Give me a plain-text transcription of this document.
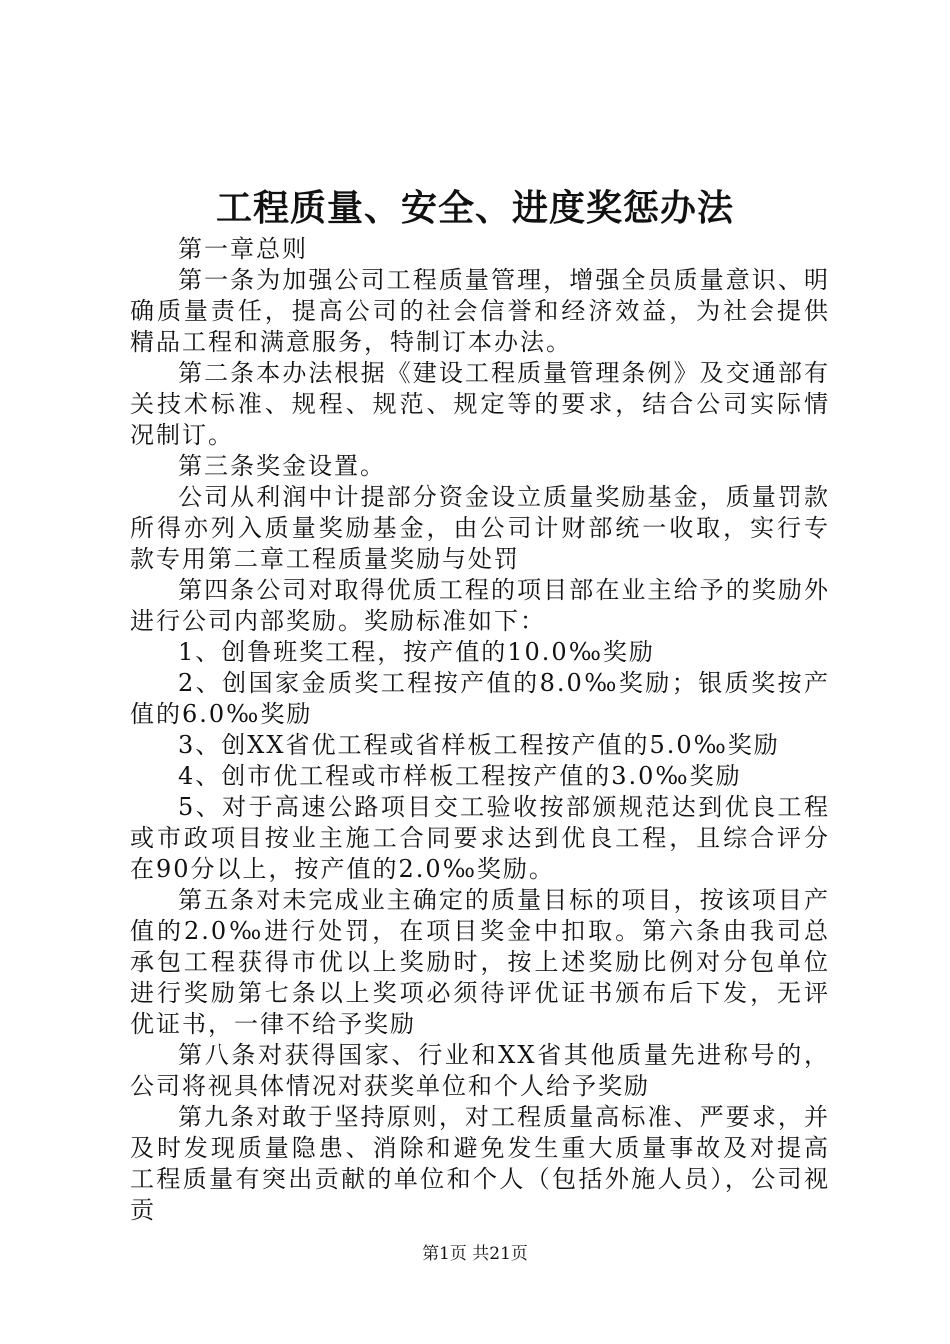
工程质量、安全、进度奖惩办法

第一章总则

第一条为加强公司工程质量管理，增强全员质量意识、明确质量责任，提高公司的社会信誉和经济效益，为社会提供精品工程和满意服务，特制订本办法。

第二条本办法根据《建设工程质量管理条例》及交通部有关技术标准、规程、规范、规定等的要求，结合公司实际情况制订。

第三条奖金设置。

公司从利润中计提部分资金设立质量奖励基金，质量罚款所得亦列入质量奖励基金，由公司计财部统一收取，实行专款专用第二章工程质量奖励与处罚

第四条公司对取得优质工程的项目部在业主给予的奖励外进行公司内部奖励。奖励标准如下：

1、创鲁班奖工程，按产值的10.0‰奖励

2、创国家金质奖工程按产值的8.0‰奖励；银质奖按产值的6.0‰奖励

3、创XX省优工程或省样板工程按产值的5.0‰奖励

4、创市优工程或市样板工程按产值的3.0‰奖励

5、对于高速公路项目交工验收按部颁规范达到优良工程或市政项目按业主施工合同要求达到优良工程，且综合评分在90分以上，按产值的2.0‰奖励。

第五条对未完成业主确定的质量目标的项目，按该项目产值的2.0‰进行处罚，在项目奖金中扣取。第六条由我司总承包工程获得市优以上奖励时，按上述奖励比例对分包单位进行奖励第七条以上奖项必须待评优证书颁布后下发，无评优证书，一律不给予奖励

第八条对获得国家、行业和XX省其他质量先进称号的，公司将视具体情况对获奖单位和个人给予奖励

第九条对敢于坚持原则，对工程质量高标准、严要求，并及时发现质量隐患、消除和避免发生重大质量事故及对提高工程质量有突出贡献的单位和个人（包括外施人员），公司视贡

第1页 共21页
